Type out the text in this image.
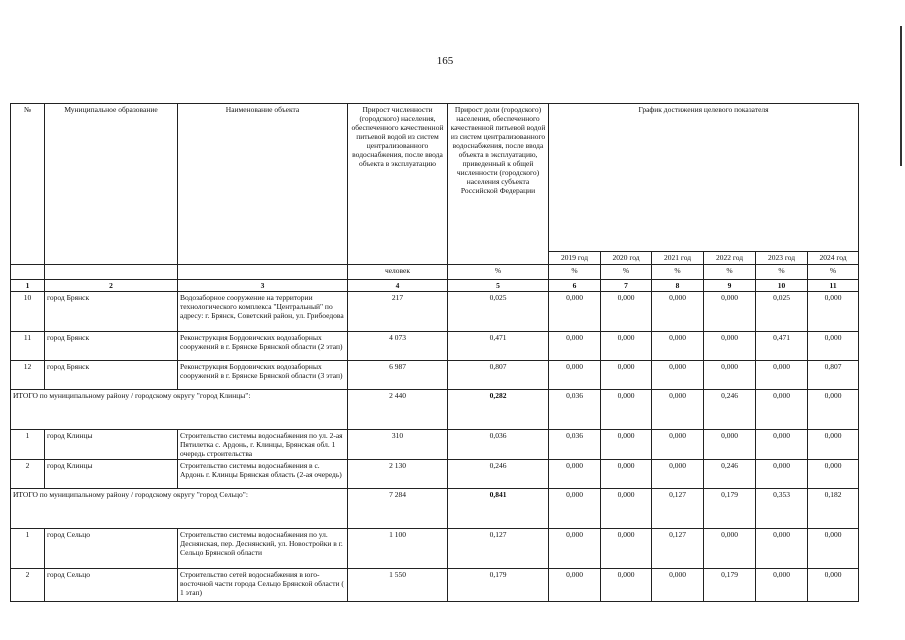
165
№	Муниципальное образование	Наименование объекта	Прирост численности (городского) населения, обеспеченного качественной питьевой водой из систем централизованного водоснабжения, после ввода объекта в эксплуатацию	Прирост доли (городского) населения, обеспеченного качественной питьевой водой из систем централизованного водоснабжения, после ввода объекта в эксплуатацию, приведенный к общей численности (городского) населения субъекта Российской Федерации	График достижения целевого показателя					
					2019 год	2020 год	2021 год	2022 год	2023 год	2024 год
			человек	%	%	%	%	%	%	%
1	2	3	4	5	6	7	8	9	10	11
10	город Брянск	Водозаборное сооружение на территории технологического комплекса "Центральный" по адресу: г. Брянск, Советский район, ул. Грибоедова	217	0,025	0,000	0,000	0,000	0,000	0,025	0,000
11	город Брянск	Реконструкция Бордовичских водозаборных сооружений в г. Брянске Брянской области (2 этап)	4 073	0,471	0,000	0,000	0,000	0,000	0,471	0,000
12	город Брянск	Реконструкция Бордовичских водозаборных сооружений в г. Брянске Брянской области (3 этап)	6 987	0,807	0,000	0,000	0,000	0,000	0,000	0,807
ИТОГО по муниципальному району / городскому округу "город Клинцы":			2 440	0,282	0,036	0,000	0,000	0,246	0,000	0,000
1	город Клинцы	Строительство системы водоснабжения по ул. 2-ая Пятилетка с. Ардонь, г. Клинцы, Брянская обл. 1 очередь строительства	310	0,036	0,036	0,000	0,000	0,000	0,000	0,000
2	город Клинцы	Строительство системы водоснабжения в с. Ардонь г. Клинцы Брянская область (2-ая очередь)	2 130	0,246	0,000	0,000	0,000	0,246	0,000	0,000
ИТОГО по муниципальному району / городскому округу "город Сельцо":			7 284	0,841	0,000	0,000	0,127	0,179	0,353	0,182
1	город Сельцо	Строительство системы водоснабжения по ул. Деснянская, пер. Деснянский, ул. Новостройки в г. Сельцо Брянской области	1 100	0,127	0,000	0,000	0,127	0,000	0,000	0,000
2	город Сельцо	Строительство сетей водоснабжения в юго-восточной части города Сельцо Брянской области ( 1 этап)	1 550	0,179	0,000	0,000	0,000	0,179	0,000	0,000
